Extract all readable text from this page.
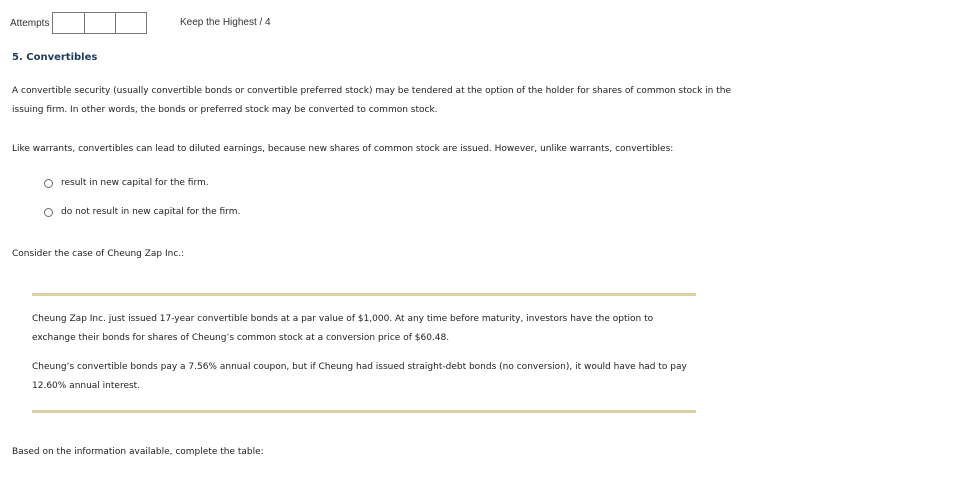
Attempts	Keep the Highest / 4
5. Convertibles
A convertible security (usually convertible bonds or convertible preferred stock) may be tendered at the option of the holder for shares of common stock in the issuing firm. In other words, the bonds or preferred stock may be converted to common stock.
Like warrants, convertibles can lead to diluted earnings, because new shares of common stock are issued. However, unlike warrants, convertibles:
result in new capital for the firm.
do not result in new capital for the firm.
Consider the case of Cheung Zap Inc.:
Cheung Zap Inc. just issued 17-year convertible bonds at a par value of $1,000. At any time before maturity, investors have the option to exchange their bonds for shares of Cheung’s common stock at a conversion price of $60.48.
Cheung’s convertible bonds pay a 7.56% annual coupon, but if Cheung had issued straight-debt bonds (no conversion), it would have had to pay 12.60% annual interest.
Based on the information available, complete the table:
